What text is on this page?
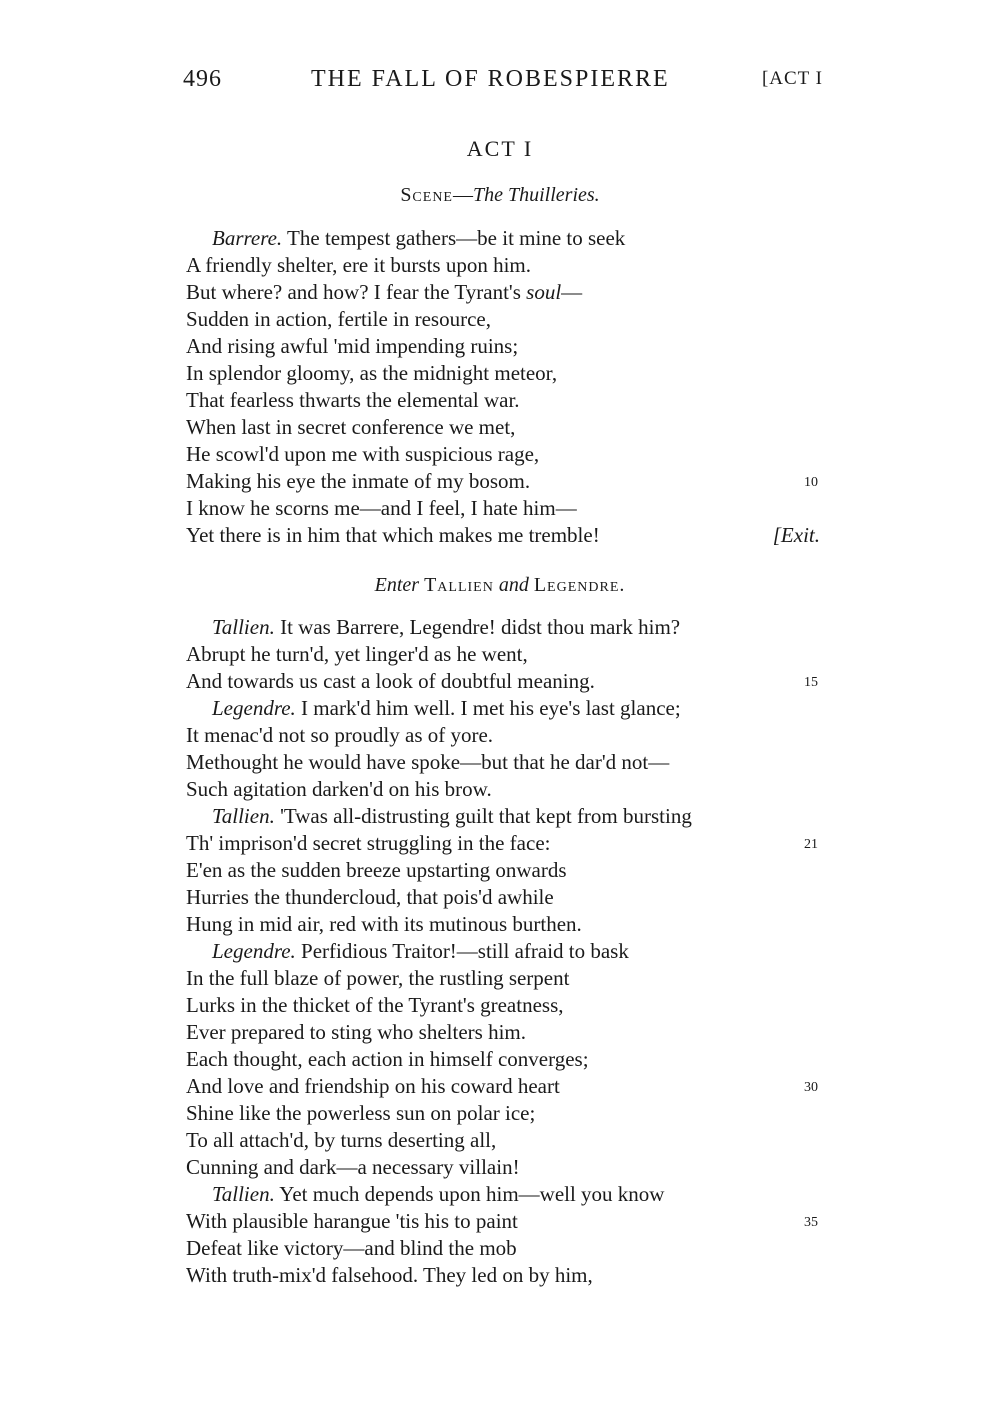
496	THE FALL OF ROBESPIERRE	[ACT I
ACT I
Scene—The Thuilleries.
Barrere. The tempest gathers—be it mine to seek
A friendly shelter, ere it bursts upon him.
But where? and how? I fear the Tyrant's soul—
Sudden in action, fertile in resource,
And rising awful 'mid impending ruins;
In splendor gloomy, as the midnight meteor,
That fearless thwarts the elemental war.
When last in secret conference we met,
He scowl'd upon me with suspicious rage,
Making his eye the inmate of my bosom.	10
I know he scorns me—and I feel, I hate him—
Yet there is in him that which makes me tremble!	[Exit.
Enter Tallien and Legendre.
Tallien. It was Barrere, Legendre! didst thou mark him?
Abrupt he turn'd, yet linger'd as he went,
And towards us cast a look of doubtful meaning.	15
Legendre. I mark'd him well. I met his eye's last glance;
It menac'd not so proudly as of yore.
Methought he would have spoke—but that he dar'd not—
Such agitation darken'd on his brow.
Tallien. 'Twas all-distrusting guilt that kept from bursting
Th' imprison'd secret struggling in the face:	21
E'en as the sudden breeze upstarting onwards
Hurries the thundercloud, that pois'd awhile
Hung in mid air, red with its mutinous burthen.
Legendre. Perfidious Traitor!—still afraid to bask
In the full blaze of power, the rustling serpent
Lurks in the thicket of the Tyrant's greatness,
Ever prepared to sting who shelters him.
Each thought, each action in himself converges;
And love and friendship on his coward heart	30
Shine like the powerless sun on polar ice;
To all attach'd, by turns deserting all,
Cunning and dark—a necessary villain!
Tallien. Yet much depends upon him—well you know
With plausible harangue 'tis his to paint	35
Defeat like victory—and blind the mob
With truth-mix'd falsehood. They led on by him,
